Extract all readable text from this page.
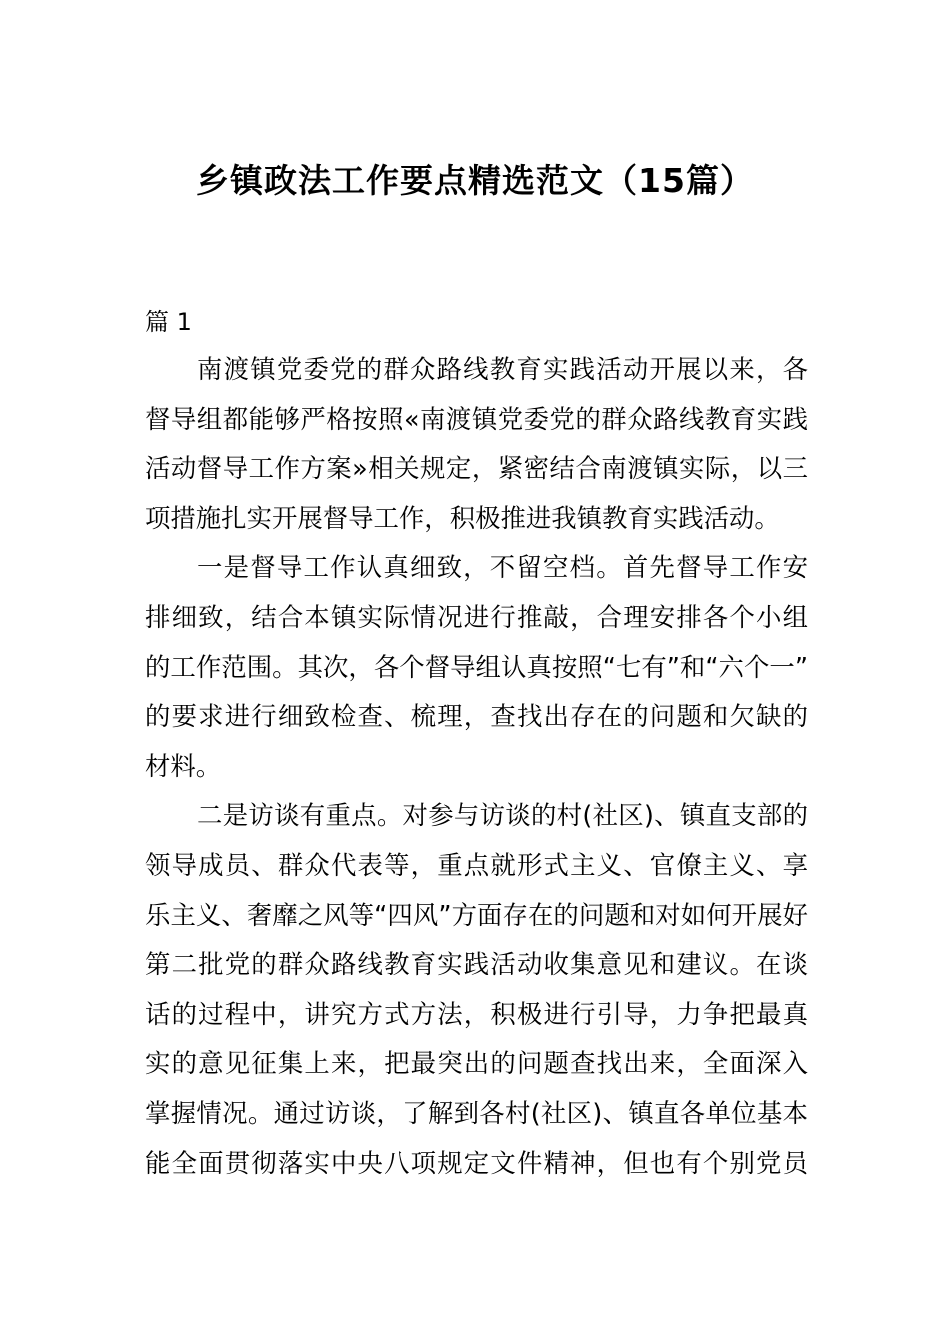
乡镇政法工作要点精选范文（15篇）
篇 1
南渡镇党委党的群众路线教育实践活动开展以来，各
督导组都能够严格按照«南渡镇党委党的群众路线教育实践
活动督导工作方案»相关规定，紧密结合南渡镇实际，以三
项措施扎实开展督导工作，积极推进我镇教育实践活动。
一是督导工作认真细致，不留空档。首先督导工作安
排细致，结合本镇实际情况进行推敲，合理安排各个小组
的工作范围。其次，各个督导组认真按照“七有”和“六个一”
的要求进行细致检查、梳理，查找出存在的问题和欠缺的
材料。
二是访谈有重点。对参与访谈的村(社区)、镇直支部的
领导成员、群众代表等，重点就形式主义、官僚主义、享
乐主义、奢靡之风等“四风”方面存在的问题和对如何开展好
第二批党的群众路线教育实践活动收集意见和建议。在谈
话的过程中，讲究方式方法，积极进行引导，力争把最真
实的意见征集上来，把最突出的问题查找出来，全面深入
掌握情况。通过访谈，了解到各村(社区)、镇直各单位基本
能全面贯彻落实中央八项规定文件精神，但也有个别党员
